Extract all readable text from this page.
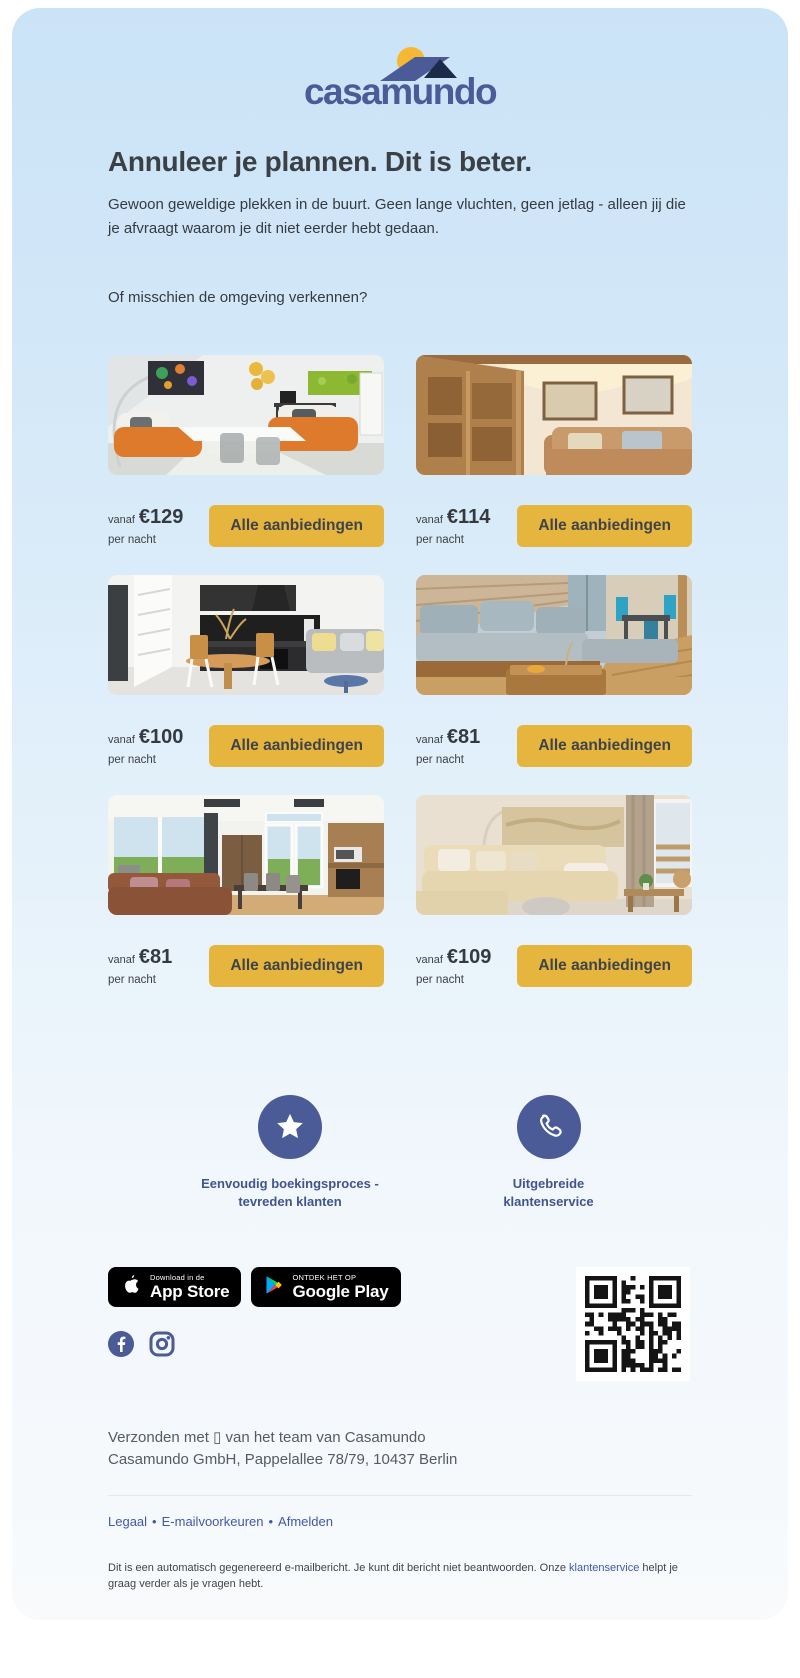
casamundo
Annuleer je plannen. Dit is beter.

Gewoon geweldige plekken in de buurt. Geen lange vluchten, geen jetlag - alleen jij die je afvraagt waarom je dit niet eerder hebt gedaan.

Of misschien de omgeving verkennen?

vanaf €129
per nacht
Alle aanbiedingen	vanaf €114
per nacht
Alle aanbiedingen
vanaf €100
per nacht
Alle aanbiedingen	vanaf €81
per nacht
Alle aanbiedingen
vanaf €81
per nacht
Alle aanbiedingen	vanaf €109
per nacht
Alle aanbiedingen
Eenvoudig boekingsproces - tevreden klanten
Uitgebreide klantenservice
Download in de
App Store
ONTDEK HET OP
Google Play

Verzonden met ▯ van het team van Casamundo
Casamundo GmbH, Pappelallee 78/79, 10437 Berlin

Legaal • E-mailvoorkeuren • Afmelden

Dit is een automatisch gegenereerd e-mailbericht. Je kunt dit bericht niet beantwoorden. Onze klantenservice helpt je graag verder als je vragen hebt.
